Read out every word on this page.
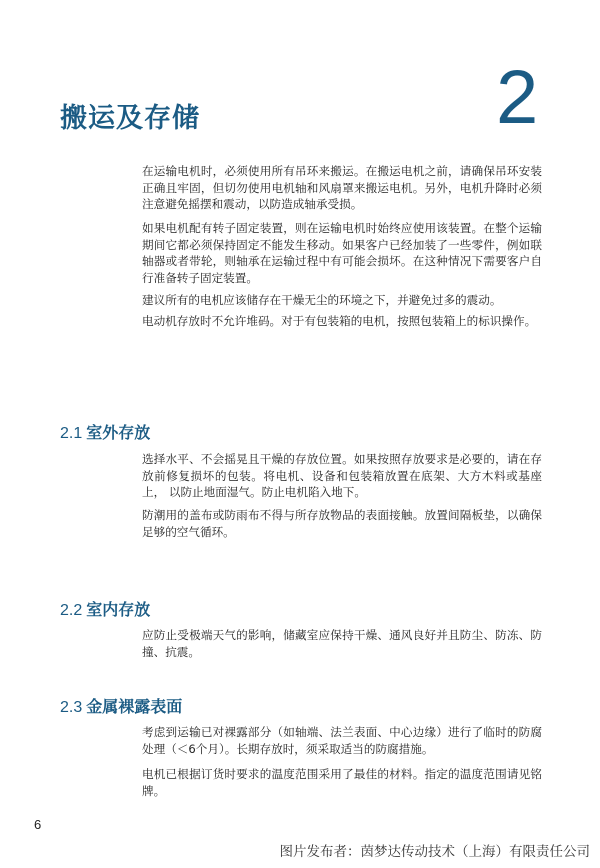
搬运及存储	2

在运输电机时，必须使用所有吊环来搬运。在搬运电机之前，请确保吊环安装正确且牢固，但切勿使用电机轴和风扇罩来搬运电机。另外，电机升降时必须注意避免摇摆和震动，以防造成轴承受损。

如果电机配有转子固定装置，则在运输电机时始终应使用该装置。在整个运输期间它都必须保持固定不能发生移动。如果客户已经加装了一些零件，例如联轴器或者带轮，则轴承在运输过程中有可能会损坏。在这种情况下需要客户自行准备转子固定装置。

建议所有的电机应该储存在干燥无尘的环境之下，并避免过多的震动。

电动机存放时不允许堆码。对于有包装箱的电机，按照包装箱上的标识操作。

2.1 室外存放

选择水平、不会摇晃且干燥的存放位置。如果按照存放要求是必要的，请在存放前修复损坏的包装。将电机、设备和包装箱放置在底架、大方木料或基座上， 以防止地面湿气。防止电机陷入地下。

防潮用的盖布或防雨布不得与所存放物品的表面接触。放置间隔板垫，以确保足够的空气循环。

2.2 室内存放

应防止受极端天气的影响，储藏室应保持干燥、通风良好并且防尘、防冻、防撞、抗震。

2.3 金属裸露表面

考虑到运输已对裸露部分（如轴端、法兰表面、中心边缘）进行了临时的防腐处理（＜6个月）。长期存放时，须采取适当的防腐措施。

电机已根据订货时要求的温度范围采用了最佳的材料。指定的温度范围请见铭牌。

6
图片发布者：茵梦达传动技术（上海）有限责任公司
